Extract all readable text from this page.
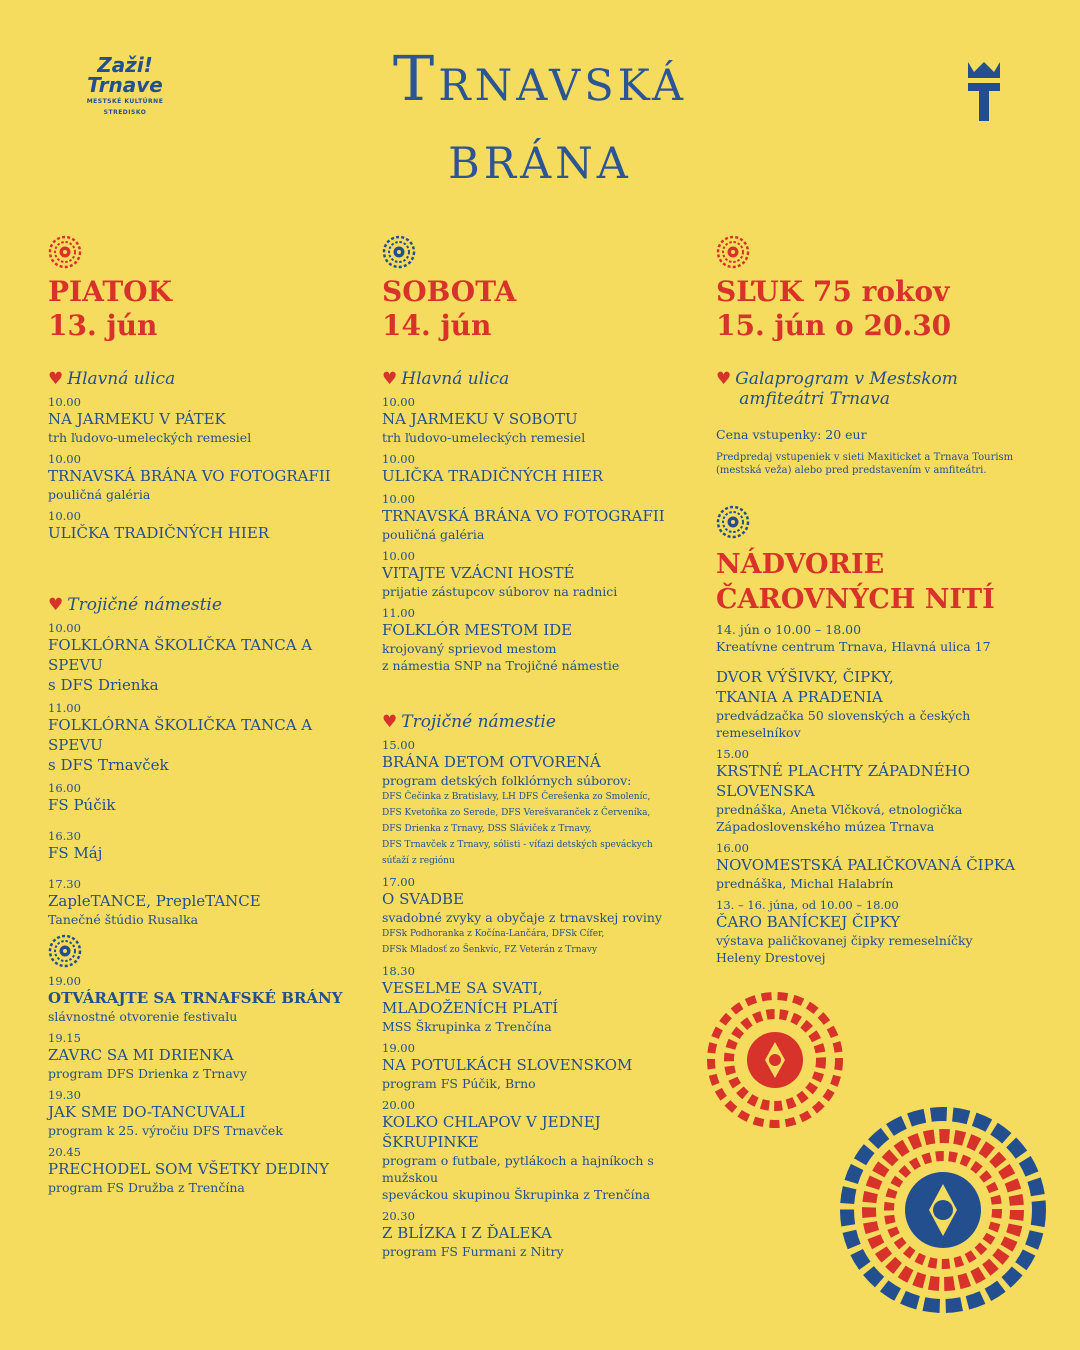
Zaži!
Trnave
MESTSKÉ KULTÚRNE
STREDISKO	Trnavská
brána
PIATOK
13. jún
♥ Hlavná ulica
10.00
NA JARMEKU V PÁTEK
trh ľudovo-umeleckých remesiel
10.00
TRNAVSKÁ BRÁNA VO FOTOGRAFII
pouličná galéria
10.00
ULIČKA TRADIČNÝCH HIER
♥ Trojičné námestie
10.00
FOLKLÓRNA ŠKOLIČKA TANCA A SPEVU
s DFS Drienka
11.00
FOLKLÓRNA ŠKOLIČKA TANCA A SPEVU
s DFS Trnavček
16.00
FS Púčik
16.30
FS Máj
17.30
ZapleTANCE, PrepleTANCE
Tanečné štúdio Rusalka
19.00
OTVÁRAJTE SA TRNAFSKÉ BRÁNY
slávnostné otvorenie festivalu
19.15
ZAVRC SA MI DRIENKA
program DFS Drienka z Trnavy
19.30
JAK SME DO-TANCUVALI
program k 25. výročiu DFS Trnavček
20.45
PRECHODEL SOM VŠETKY DEDINY
program FS Družba z Trenčína
SOBOTA
14. jún
♥ Hlavná ulica
10.00
NA JARMEKU V SOBOTU
trh ľudovo-umeleckých remesiel
10.00
ULIČKA TRADIČNÝCH HIER
10.00
TRNAVSKÁ BRÁNA VO FOTOGRAFII
pouličná galéria
10.00
VITAJTE VZÁCNI HOSTÉ
prijatie zástupcov súborov na radnici
11.00
FOLKLÓR MESTOM IDE
krojovaný sprievod mestom
z námestia SNP na Trojičné námestie
♥ Trojičné námestie
15.00
BRÁNA DETOM OTVORENÁ
program detských folklórnych súborov:
DFS Čečinka z Bratislavy, LH DFS Čerešenka zo Smoleníc,
DFS Kvetoňka zo Serede, DFS Verešvaranček z Červeníka,
DFS Drienka z Trnavy, DSS Sláviček z Trnavy,
DFS Trnavček z Trnavy, sólisti - víťazi detských speváckych
súťaží z regiónu
17.00
O SVADBE
svadobné zvyky a obyčaje z trnavskej roviny
DFSk Podhoranka z Kočína-Lančára, DFSk Cífer,
DFSk Mladosť zo Šenkvíc, FZ Veterán z Trnavy
18.30
VESELME SA SVATI,
MLADOŽENÍCH PLATÍ
MSS Škrupinka z Trenčína
19.00
NA POTULKÁCH SLOVENSKOM
program FS Púčik, Brno
20.00
KOLKO CHLAPOV V JEDNEJ ŠKRUPINKE
program o futbale, pytlákoch a hajníkoch s mužskou
speváckou skupinou Škrupinka z Trenčína
20.30
Z BLÍZKA I Z ĎALEKA
program FS Furmani z Nitry
SĽUK 75 rokov
15. jún o 20.30
♥ Galaprogram v Mestskom
amfiteátri Trnava
Cena vstupenky: 20 eur
Predpredaj vstupeniek v sieti Maxiticket a Trnava Tourism
(mestská veža) alebo pred predstavením v amfiteátri.
NÁDVORIE
ČAROVNÝCH NITÍ
14. jún o 10.00 – 18.00
Kreatívne centrum Trnava, Hlavná ulica 17
DVOR VÝŠIVKY, ČIPKY,
TKANIA A PRADENIA
predvádzačka 50 slovenských a českých remeselníkov
15.00
KRSTNÉ PLACHTY ZÁPADNÉHO
SLOVENSKA
prednáška, Aneta Vlčková, etnologička
Západoslovenského múzea Trnava
16.00
NOVOMESTSKÁ PALIČKOVANÁ ČIPKA
prednáška, Michal Halabrín
13. – 16. júna, od 10.00 – 18.00
ČARO BANÍCKEJ ČIPKY
výstava paličkovanej čipky remeselníčky
Heleny Drestovej
